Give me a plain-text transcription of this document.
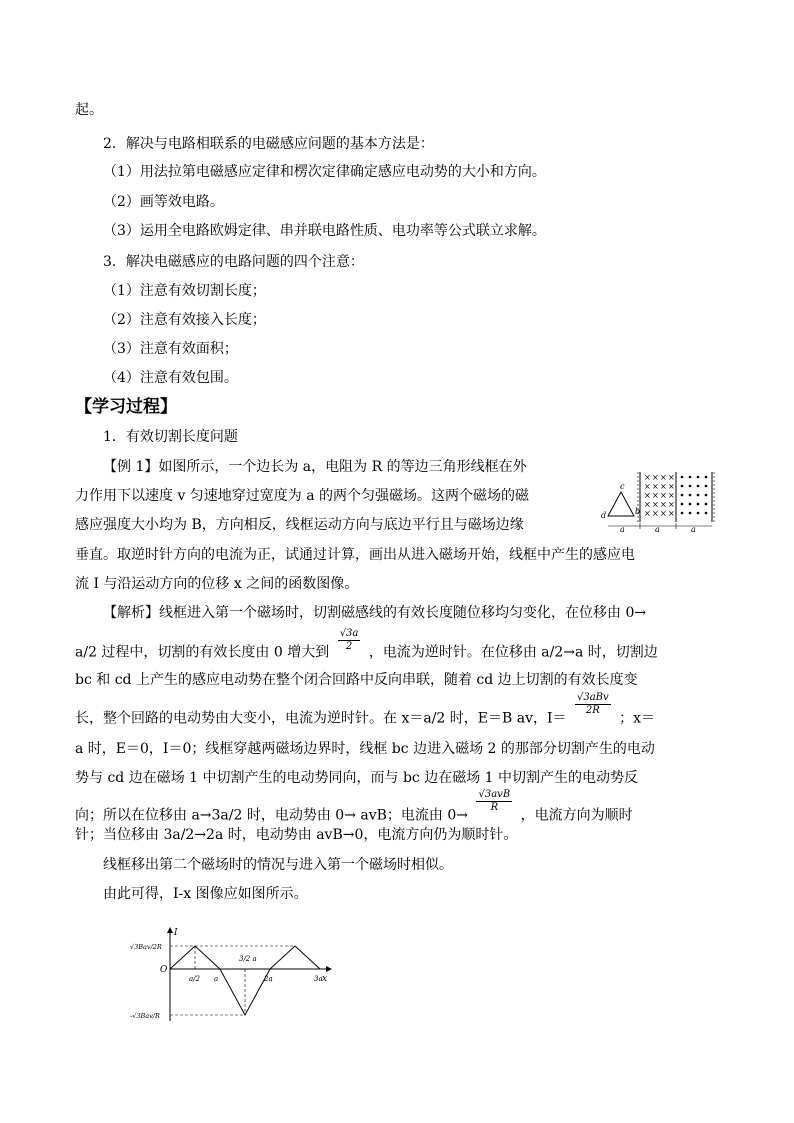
起。
2．解决与电路相联系的电磁感应问题的基本方法是：
（1）用法拉第电磁感应定律和楞次定律确定感应电动势的大小和方向。
（2）画等效电路。
（3）运用全电路欧姆定律、串并联电路性质、电功率等公式联立求解。
3．解决电磁感应的电路问题的四个注意：
（1）注意有效切割长度；
（2）注意有效接入长度；
（3）注意有效面积；
（4）注意有效包围。
【学习过程】
1．有效切割长度问题
【例 1】如图所示，一个边长为 a，电阻为 R 的等边三角形线框在外
力作用下以速度 v 匀速地穿过宽度为 a 的两个匀强磁场。这两个磁场的磁
感应强度大小均为 B，方向相反，线框运动方向与底边平行且与磁场边缘
垂直。取逆时针方向的电流为正，试通过计算，画出从进入磁场开始，线框中产生的感应电
流 I 与沿运动方向的位移 x 之间的函数图像。
× × × ×
× × × ×
× × × ×
× × × ×
× × × ×
c
d	b
a	a	a
【解析】线框进入第一个磁场时，切割磁感线的有效长度随位移均匀变化，在位移由 0→
a/2 过程中，切割的有效长度由 0 增大到 $\frac{√3a}{2}$ ，电流为逆时针。在位移由 a/2→a 时，切割边
bc 和 cd 上产生的感应电动势在整个闭合回路中反向串联，随着 cd 边上切割的有效长度变
长，整个回路的电动势由大变小，电流为逆时针。在 x＝a/2 时，E＝B av，I＝
$\frac{\text{√3aBv}}{2R}$
；x＝
a 时，E＝0，I＝0；线框穿越两磁场边界时，线框 bc 边进入磁场 2 的那部分切割产生的电动
势与 cd 边在磁场 1 中切割产生的电动势同向，而与 bc 边在磁场 1 中切割产生的电动势反
向；所以在位移由 a→3a/2 时，电动势由 0→ avB；电流由 0→
$\frac{\text{√3avB}}{R}$
，电流方向为顺时
针；当位移由 3a/2→2a 时，电动势由 avB→0，电流方向仍为顺时针。
线框移出第二个磁场时的情况与进入第一个磁场时相似。
由此可得，I-x 图像应如图所示。
I
x
O
a/2 a
3/2 a
2a	3a
√3Bav/2R
-√3Bav/R
